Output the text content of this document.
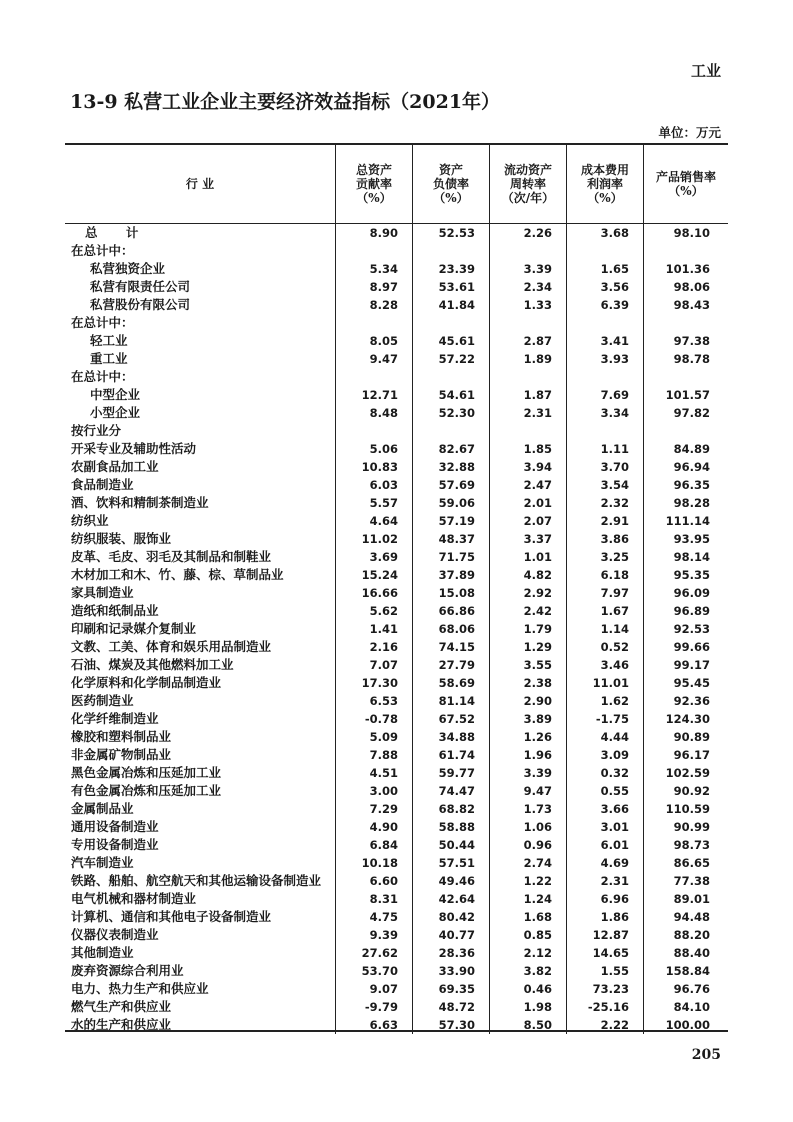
工业
13-9 私营工业企业主要经济效益指标（2021年）
单位：万元
行 业
总资产
贡献率
（%）
资产
负债率
（%）
流动资产
周转率
（次/年）
成本费用
利润率
（%）
产品销售率
（%）
总 计	8.90	52.53	2.26	3.68	98.10
在总计中：
私营独资企业	5.34	23.39	3.39	1.65	101.36
私营有限责任公司	8.97	53.61	2.34	3.56	98.06
私营股份有限公司	8.28	41.84	1.33	6.39	98.43
在总计中：
轻工业	8.05	45.61	2.87	3.41	97.38
重工业	9.47	57.22	1.89	3.93	98.78
在总计中：
中型企业	12.71	54.61	1.87	7.69	101.57
小型企业	8.48	52.30	2.31	3.34	97.82
按行业分
开采专业及辅助性活动	5.06	82.67	1.85	1.11	84.89
农副食品加工业	10.83	32.88	3.94	3.70	96.94
食品制造业	6.03	57.69	2.47	3.54	96.35
酒、饮料和精制茶制造业	5.57	59.06	2.01	2.32	98.28
纺织业	4.64	57.19	2.07	2.91	111.14
纺织服装、服饰业	11.02	48.37	3.37	3.86	93.95
皮革、毛皮、羽毛及其制品和制鞋业	3.69	71.75	1.01	3.25	98.14
木材加工和木、竹、藤、棕、草制品业	15.24	37.89	4.82	6.18	95.35
家具制造业	16.66	15.08	2.92	7.97	96.09
造纸和纸制品业	5.62	66.86	2.42	1.67	96.89
印刷和记录媒介复制业	1.41	68.06	1.79	1.14	92.53
文教、工美、体育和娱乐用品制造业	2.16	74.15	1.29	0.52	99.66
石油、煤炭及其他燃料加工业	7.07	27.79	3.55	3.46	99.17
化学原料和化学制品制造业	17.30	58.69	2.38	11.01	95.45
医药制造业	6.53	81.14	2.90	1.62	92.36
化学纤维制造业	-0.78	67.52	3.89	-1.75	124.30
橡胶和塑料制品业	5.09	34.88	1.26	4.44	90.89
非金属矿物制品业	7.88	61.74	1.96	3.09	96.17
黑色金属冶炼和压延加工业	4.51	59.77	3.39	0.32	102.59
有色金属冶炼和压延加工业	3.00	74.47	9.47	0.55	90.92
金属制品业	7.29	68.82	1.73	3.66	110.59
通用设备制造业	4.90	58.88	1.06	3.01	90.99
专用设备制造业	6.84	50.44	0.96	6.01	98.73
汽车制造业	10.18	57.51	2.74	4.69	86.65
铁路、船舶、航空航天和其他运输设备制造业	6.60	49.46	1.22	2.31	77.38
电气机械和器材制造业	8.31	42.64	1.24	6.96	89.01
计算机、通信和其他电子设备制造业	4.75	80.42	1.68	1.86	94.48
仪器仪表制造业	9.39	40.77	0.85	12.87	88.20
其他制造业	27.62	28.36	2.12	14.65	88.40
废弃资源综合利用业	53.70	33.90	3.82	1.55	158.84
电力、热力生产和供应业	9.07	69.35	0.46	73.23	96.76
燃气生产和供应业	-9.79	48.72	1.98	-25.16	84.10
水的生产和供应业	6.63	57.30	8.50	2.22	100.00
205
